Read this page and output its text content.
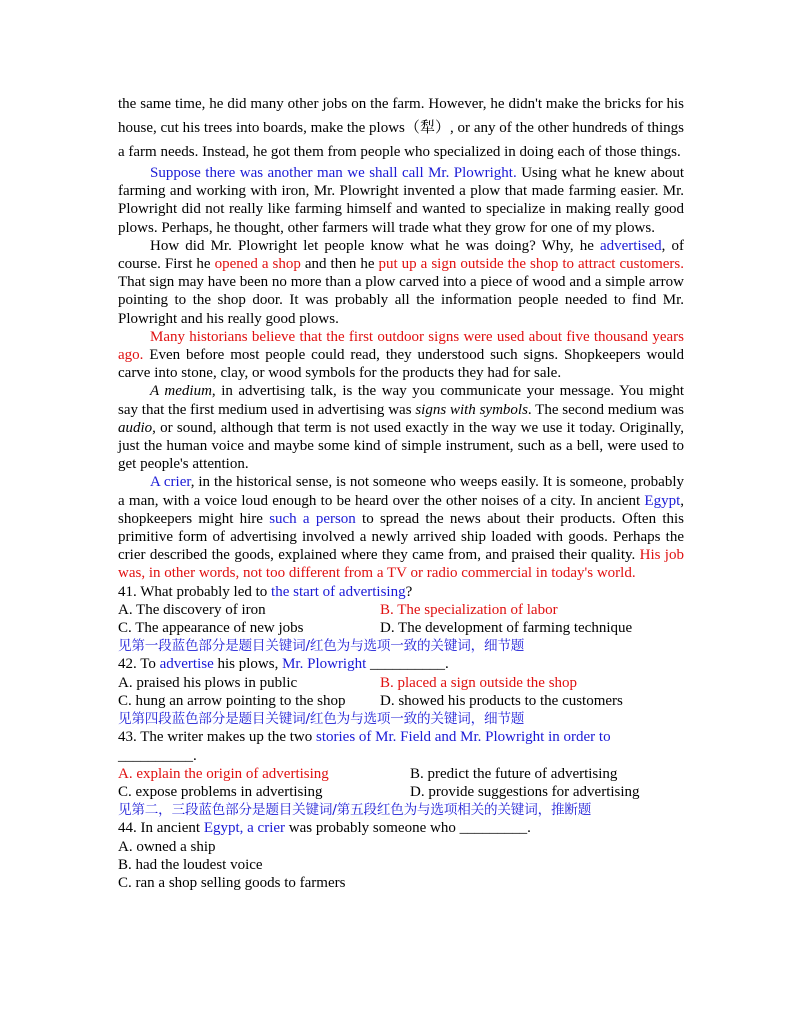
the same time, he did many other jobs on the farm. However, he didn't make the bricks for his house, cut his trees into boards, make the plows（犁）, or any of the other hundreds of things a farm needs. Instead, he got them from people who specialized in doing each of those things.

Suppose there was another man we shall call Mr. Plowright. Using what he knew about farming and working with iron, Mr. Plowright invented a plow that made farming easier. Mr. Plowright did not really like farming himself and wanted to specialize in making really good plows. Perhaps, he thought, other farmers will trade what they grow for one of my plows.

How did Mr. Plowright let people know what he was doing? Why, he advertised, of course. First he opened a shop and then he put up a sign outside the shop to attract customers. That sign may have been no more than a plow carved into a piece of wood and a simple arrow pointing to the shop door. It was probably all the information people needed to find Mr. Plowright and his really good plows.

Many historians believe that the first outdoor signs were used about five thousand years ago. Even before most people could read, they understood such signs. Shopkeepers would carve into stone, clay, or wood symbols for the products they had for sale.

A medium, in advertising talk, is the way you communicate your message. You might say that the first medium used in advertising was signs with symbols. The second medium was audio, or sound, although that term is not used exactly in the way we use it today. Originally, just the human voice and maybe some kind of simple instrument, such as a bell, were used to get people's attention.

A crier, in the historical sense, is not someone who weeps easily. It is someone, probably a man, with a voice loud enough to be heard over the other noises of a city. In ancient Egypt, shopkeepers might hire such a person to spread the news about their products. Often this primitive form of advertising involved a newly arrived ship loaded with goods. Perhaps the crier described the goods, explained where they came from, and praised their quality. His job was, in other words, not too different from a TV or radio commercial in today's world.

41. What probably led to the start of advertising?

A. The discovery of iron	B. The specialization of labor
C. The appearance of new jobs	D. The development of farming technique
见第一段蓝色部分是题目关键词/红色为与选项一致的关键词，细节题

42. To advertise his plows, Mr. Plowright __________.

A. praised his plows in public	B. placed a sign outside the shop
C. hung an arrow pointing to the shop	D. showed his products to the customers
见第四段蓝色部分是题目关键词/红色为与选项一致的关键词，细节题

43. The writer makes up the two stories of Mr. Field and Mr. Plowright in order to
__________.

A. explain the origin of advertising	B. predict the future of advertising
C. expose problems in advertising	D. provide suggestions for advertising
见第二，三段蓝色部分是题目关键词/第五段红色为与选项相关的关键词，推断题

44. In ancient Egypt, a crier was probably someone who _________.

A. owned a ship
B. had the loudest voice
C. ran a shop selling goods to farmers
